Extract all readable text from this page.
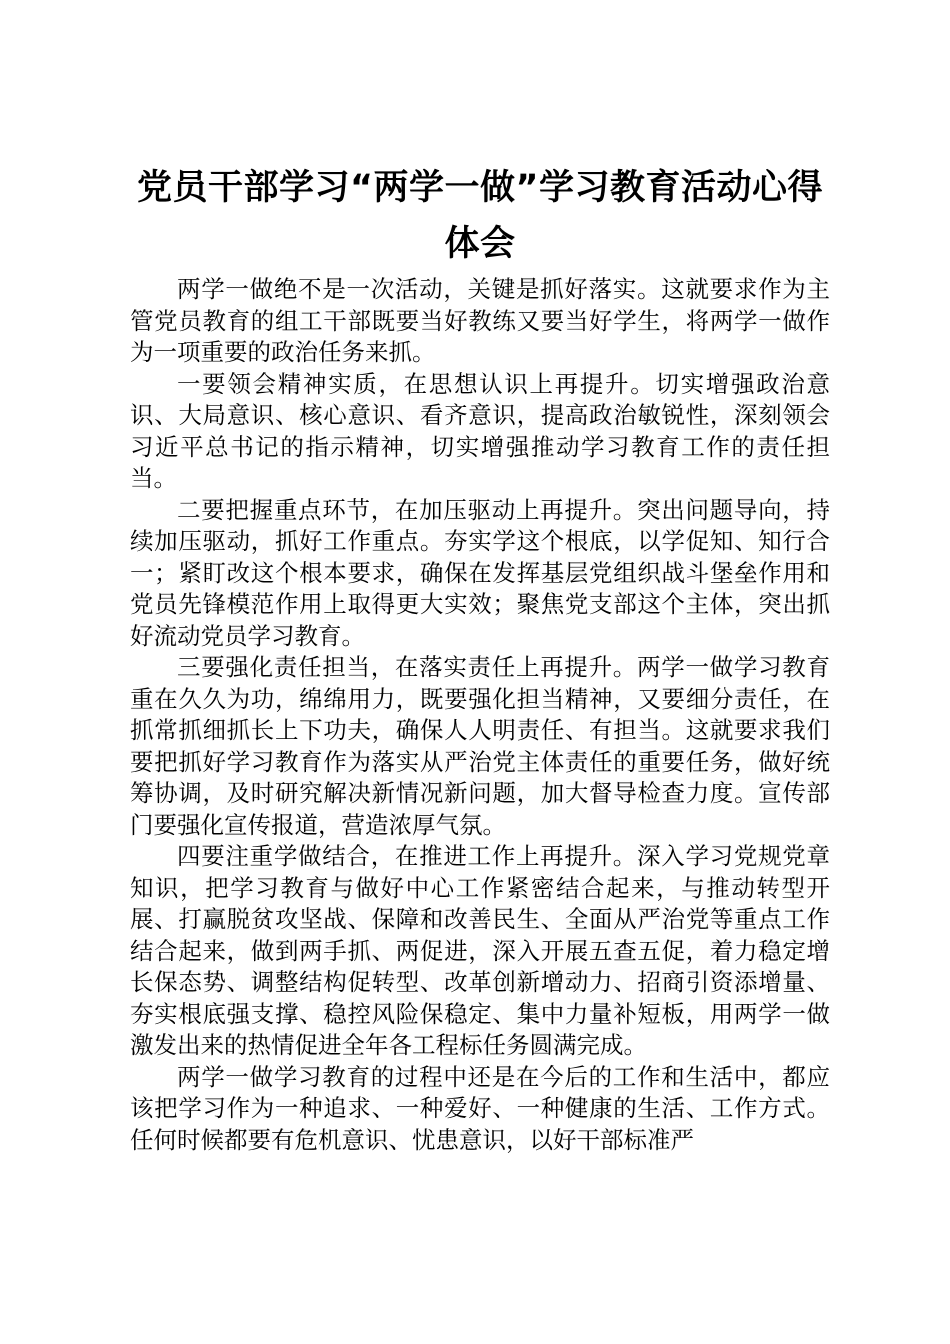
党员干部学习“两学一做”学习教育活动心得体会

两学一做绝不是一次活动，关键是抓好落实。这就要求作为主管党员教育的组工干部既要当好教练又要当好学生，将两学一做作为一项重要的政治任务来抓。

一要领会精神实质，在思想认识上再提升。切实增强政治意识、大局意识、核心意识、看齐意识，提高政治敏锐性，深刻领会习近平总书记的指示精神，切实增强推动学习教育工作的责任担当。

二要把握重点环节，在加压驱动上再提升。突出问题导向，持续加压驱动，抓好工作重点。夯实学这个根底，以学促知、知行合一；紧盯改这个根本要求，确保在发挥基层党组织战斗堡垒作用和党员先锋模范作用上取得更大实效；聚焦党支部这个主体，突出抓好流动党员学习教育。

三要强化责任担当，在落实责任上再提升。两学一做学习教育重在久久为功，绵绵用力，既要强化担当精神，又要细分责任，在抓常抓细抓长上下功夫，确保人人明责任、有担当。这就要求我们要把抓好学习教育作为落实从严治党主体责任的重要任务，做好统筹协调，及时研究解决新情况新问题，加大督导检查力度。宣传部门要强化宣传报道，营造浓厚气氛。

四要注重学做结合，在推进工作上再提升。深入学习党规党章知识，把学习教育与做好中心工作紧密结合起来，与推动转型开展、打赢脱贫攻坚战、保障和改善民生、全面从严治党等重点工作结合起来，做到两手抓、两促进，深入开展五查五促，着力稳定增长保态势、调整结构促转型、改革创新增动力、招商引资添增量、夯实根底强支撑、稳控风险保稳定、集中力量补短板，用两学一做激发出来的热情促进全年各工程标任务圆满完成。

两学一做学习教育的过程中还是在今后的工作和生活中，都应该把学习作为一种追求、一种爱好、一种健康的生活、工作方式。任何时候都要有危机意识、忧患意识，以好干部标准严
